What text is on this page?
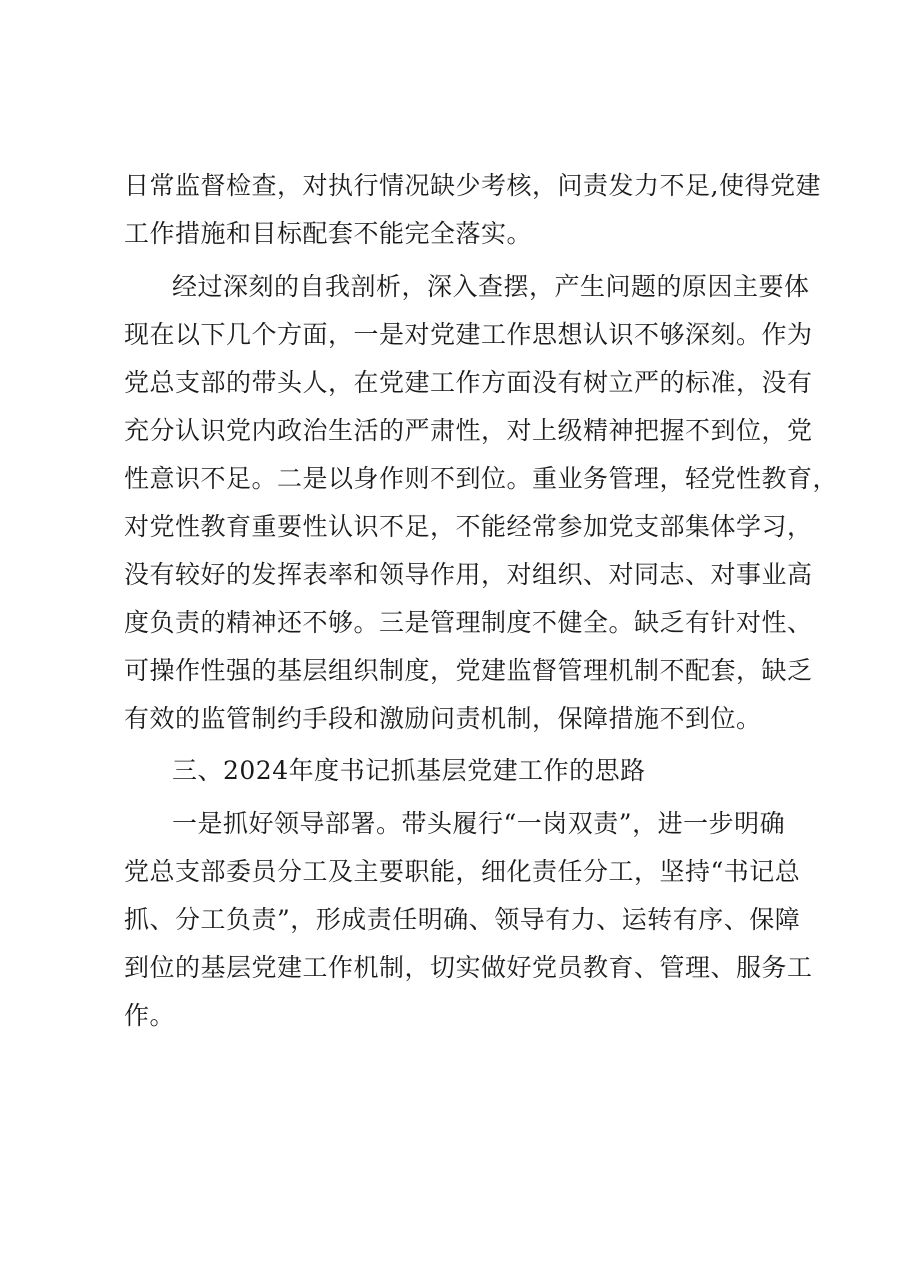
日常监督检查，对执行情况缺少考核，问责发力不足,使得党建
工作措施和目标配套不能完全落实。
经过深刻的自我剖析，深入查摆，产生问题的原因主要体
现在以下几个方面，一是对党建工作思想认识不够深刻。作为
党总支部的带头人，在党建工作方面没有树立严的标准，没有
充分认识党内政治生活的严肃性，对上级精神把握不到位，党
性意识不足。二是以身作则不到位。重业务管理，轻党性教育，
对党性教育重要性认识不足，不能经常参加党支部集体学习，
没有较好的发挥表率和领导作用，对组织、对同志、对事业高
度负责的精神还不够。三是管理制度不健全。缺乏有针对性、
可操作性强的基层组织制度，党建监督管理机制不配套，缺乏
有效的监管制约手段和激励问责机制，保障措施不到位。
三、2024年度书记抓基层党建工作的思路
一是抓好领导部署。带头履行“一岗双责”，进一步明确
党总支部委员分工及主要职能，细化责任分工，坚持“书记总
抓、分工负责”，形成责任明确、领导有力、运转有序、保障
到位的基层党建工作机制，切实做好党员教育、管理、服务工
作。
